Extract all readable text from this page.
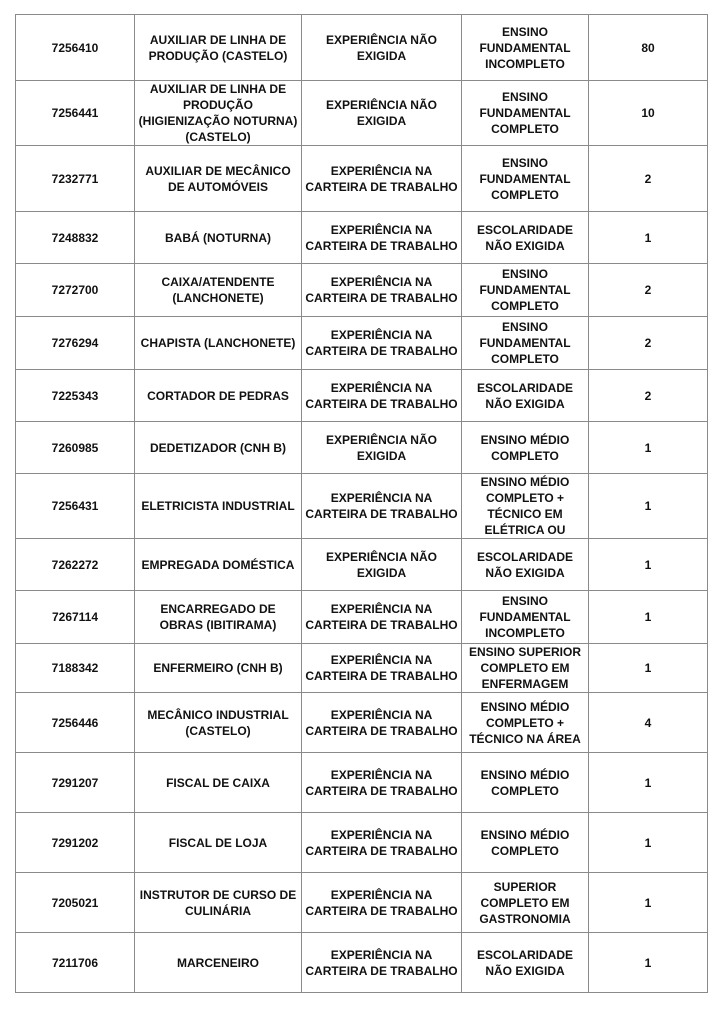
7256410	AUXILIAR DE LINHA DE PRODUÇÃO (CASTELO)	EXPERIÊNCIA NÃO EXIGIDA	ENSINO FUNDAMENTAL INCOMPLETO	80
7256441	AUXILIAR DE LINHA DE PRODUÇÃO (HIGIENIZAÇÃO NOTURNA) (CASTELO)	EXPERIÊNCIA NÃO EXIGIDA	ENSINO FUNDAMENTAL COMPLETO	10
7232771	AUXILIAR DE MECÂNICO DE AUTOMÓVEIS	EXPERIÊNCIA NA CARTEIRA DE TRABALHO	ENSINO FUNDAMENTAL COMPLETO	2
7248832	BABÁ (NOTURNA)	EXPERIÊNCIA NA CARTEIRA DE TRABALHO	ESCOLARIDADE NÃO EXIGIDA	1
7272700	CAIXA/ATENDENTE (LANCHONETE)	EXPERIÊNCIA NA CARTEIRA DE TRABALHO	ENSINO FUNDAMENTAL COMPLETO	2
7276294	CHAPISTA (LANCHONETE)	EXPERIÊNCIA NA CARTEIRA DE TRABALHO	ENSINO FUNDAMENTAL COMPLETO	2
7225343	CORTADOR DE PEDRAS	EXPERIÊNCIA NA CARTEIRA DE TRABALHO	ESCOLARIDADE NÃO EXIGIDA	2
7260985	DEDETIZADOR (CNH B)	EXPERIÊNCIA NÃO EXIGIDA	ENSINO MÉDIO COMPLETO	1
7256431	ELETRICISTA INDUSTRIAL	EXPERIÊNCIA NA CARTEIRA DE TRABALHO	ENSINO MÉDIO COMPLETO + TÉCNICO EM ELÉTRICA OU	1
7262272	EMPREGADA DOMÉSTICA	EXPERIÊNCIA NÃO EXIGIDA	ESCOLARIDADE NÃO EXIGIDA	1
7267114	ENCARREGADO DE OBRAS (IBITIRAMA)	EXPERIÊNCIA NA CARTEIRA DE TRABALHO	ENSINO FUNDAMENTAL INCOMPLETO	1
7188342	ENFERMEIRO (CNH B)	EXPERIÊNCIA NA CARTEIRA DE TRABALHO	ENSINO SUPERIOR COMPLETO EM ENFERMAGEM	1
7256446	MECÂNICO INDUSTRIAL (CASTELO)	EXPERIÊNCIA NA CARTEIRA DE TRABALHO	ENSINO MÉDIO COMPLETO + TÉCNICO NA ÁREA	4
7291207	FISCAL DE CAIXA	EXPERIÊNCIA NA CARTEIRA DE TRABALHO	ENSINO MÉDIO COMPLETO	1
7291202	FISCAL DE LOJA	EXPERIÊNCIA NA CARTEIRA DE TRABALHO	ENSINO MÉDIO COMPLETO	1
7205021	INSTRUTOR DE CURSO DE CULINÁRIA	EXPERIÊNCIA NA CARTEIRA DE TRABALHO	SUPERIOR COMPLETO EM GASTRONOMIA	1
7211706	MARCENEIRO	EXPERIÊNCIA NA CARTEIRA DE TRABALHO	ESCOLARIDADE NÃO EXIGIDA	1
